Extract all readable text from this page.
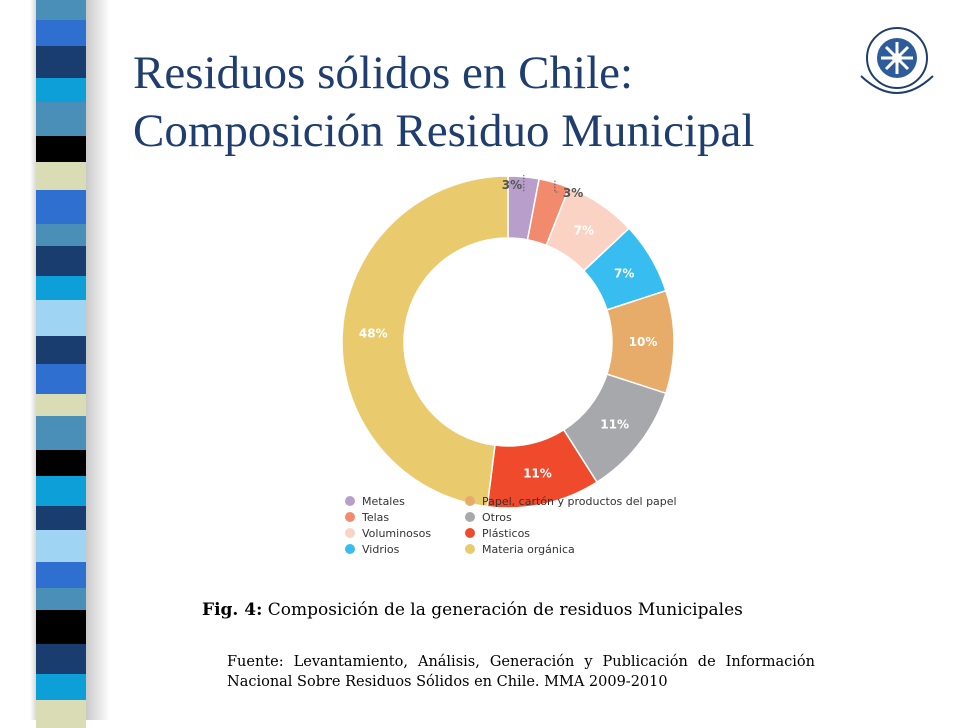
Residuos sólidos en Chile:
Composición Residuo Municipal
3%
3%
7%
7%
10%
11%
11%
48%
Metales
Telas
Voluminosos
Vidrios
Papel, cartón y productos del papel
Otros
Plásticos
Materia orgánica
Fig. 4: Composición de la generación de residuos Municipales
Fuente: Levantamiento, Análisis, Generación y Publicación de Información Nacional Sobre Residuos Sólidos en Chile. MMA 2009-2010
